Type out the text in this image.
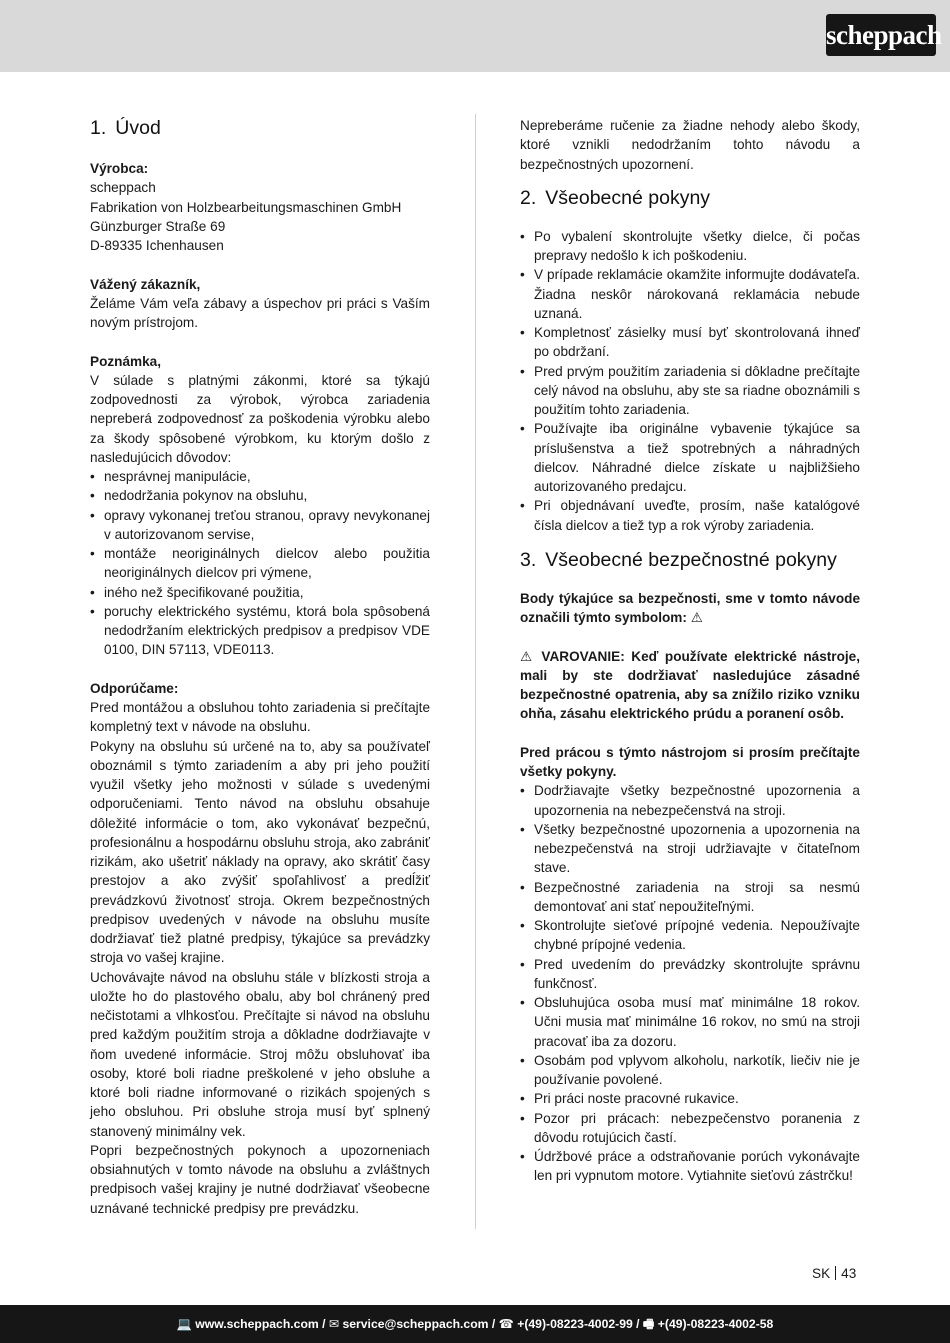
scheppach
1. Úvod

Výrobca:

scheppach

Fabrikation von Holzbearbeitungsmaschinen GmbH

Günzburger Straße 69

D-89335 Ichenhausen

Vážený zákazník,

Želáme Vám veľa zábavy a úspechov pri práci s Vaším novým prístrojom.

Poznámka,

V súlade s platnými zákonmi, ktoré sa týkajú zodpovednosti za výrobok, výrobca zariadenia nepreberá zodpovednosť za poškodenia výrobku alebo za škody spôsobené výrobkom, ku ktorým došlo z nasledujúcich dôvodov:

• nesprávnej manipulácie,
• nedodržania pokynov na obsluhu,
• opravy vykonanej treťou stranou, opravy nevykonanej v autorizovanom servise,
• montáže neoriginálnych dielcov alebo použitia neoriginálnych dielcov pri výmene,
• iného než špecifikované použitia,
• poruchy elektrického systému, ktorá bola spôsobená nedodržaním elektrických predpisov a predpisov VDE 0100, DIN 57113, VDE0113.

Odporúčame:

Pred montážou a obsluhou tohto zariadenia si prečítajte kompletný text v návode na obsluhu.

Pokyny na obsluhu sú určené na to, aby sa používateľ oboznámil s týmto zariadením a aby pri jeho použití využil všetky jeho možnosti v súlade s uvedenými odporučeniami. Tento návod na obsluhu obsahuje dôležité informácie o tom, ako vykonávať bezpečnú, profesionálnu a hospodárnu obsluhu stroja, ako zabrániť rizikám, ako ušetriť náklady na opravy, ako skrátiť časy prestojov a ako zvýšiť spoľahlivosť a predĺžiť prevádzkovú životnosť stroja. Okrem bezpečnostných predpisov uvedených v návode na obsluhu musíte dodržiavať tiež platné predpisy, týkajúce sa prevádzky stroja vo vašej krajine.

Uchovávajte návod na obsluhu stále v blízkosti stroja a uložte ho do plastového obalu, aby bol chránený pred nečistotami a vlhkosťou. Prečítajte si návod na obsluhu pred každým použitím stroja a dôkladne dodržiavajte v ňom uvedené informácie. Stroj môžu obsluhovať iba osoby, ktoré boli riadne preškolené v jeho obsluhe a ktoré boli riadne informované o rizikách spojených s jeho obsluhou. Pri obsluhe stroja musí byť splnený stanovený minimálny vek.

Popri bezpečnostných pokynoch a upozorneniach obsiahnutých v tomto návode na obsluhu a zvláštnych predpisoch vašej krajiny je nutné dodržiavať všeobecne uznávané technické predpisy pre prevádzku.

Nepreberáme ručenie za žiadne nehody alebo škody, ktoré vznikli nedodržaním tohto návodu a bezpečnostných upozornení.

2. Všeobecné pokyny
• Po vybalení skontrolujte všetky dielce, či počas prepravy nedošlo k ich poškodeniu.
• V prípade reklamácie okamžite informujte dodávateľa. Žiadna neskôr nárokovaná reklamácia nebude uznaná.
• Kompletnosť zásielky musí byť skontrolovaná ihneď po obdržaní.
• Pred prvým použitím zariadenia si dôkladne prečítajte celý návod na obsluhu, aby ste sa riadne oboznámili s použitím tohto zariadenia.
• Používajte iba originálne vybavenie týkajúce sa príslušenstva a tiež spotrebných a náhradných dielcov. Náhradné dielce získate u najbližšieho autorizovaného predajcu.
• Pri objednávaní uveďte, prosím, naše katalógové čísla dielcov a tiež typ a rok výroby zariadenia.
3. Všeobecné bezpečnostné pokyny

Body týkajúce sa bezpečnosti, sme v tomto návode označili týmto symbolom: ⚠

⚠ VAROVANIE: Keď používate elektrické nástroje, mali by ste dodržiavať nasledujúce zásadné bezpečnostné opatrenia, aby sa znížilo riziko vzniku ohňa, zásahu elektrického prúdu a poranení osôb.

Pred prácou s týmto nástrojom si prosím prečítajte všetky pokyny.

• Dodržiavajte všetky bezpečnostné upozornenia a upozornenia na nebezpečenstvá na stroji.
• Všetky bezpečnostné upozornenia a upozornenia na nebezpečenstvá na stroji udržiavajte v čitateľnom stave.
• Bezpečnostné zariadenia na stroji sa nesmú demontovať ani stať nepoužiteľnými.
• Skontrolujte sieťové prípojné vedenia. Nepoužívajte chybné prípojné vedenia.
• Pred uvedením do prevádzky skontrolujte správnu funkčnosť.
• Obsluhujúca osoba musí mať minimálne 18 rokov. Učni musia mať minimálne 16 rokov, no smú na stroji pracovať iba za dozoru.
• Osobám pod vplyvom alkoholu, narkotík, liečiv nie je používanie povolené.
• Pri práci noste pracovné rukavice.
• Pozor pri prácach: nebezpečenstvo poranenia z dôvodu rotujúcich častí.
• Údržbové práce a odstraňovanie porúch vykonávajte len pri vypnutom motore. Vytiahnite sieťovú zástrčku!
SK 43
💻 www.scheppach.com / ✉ service@scheppach.com / ☎ +(49)-08223-4002-99 / 🖷 +(49)-08223-4002-58
